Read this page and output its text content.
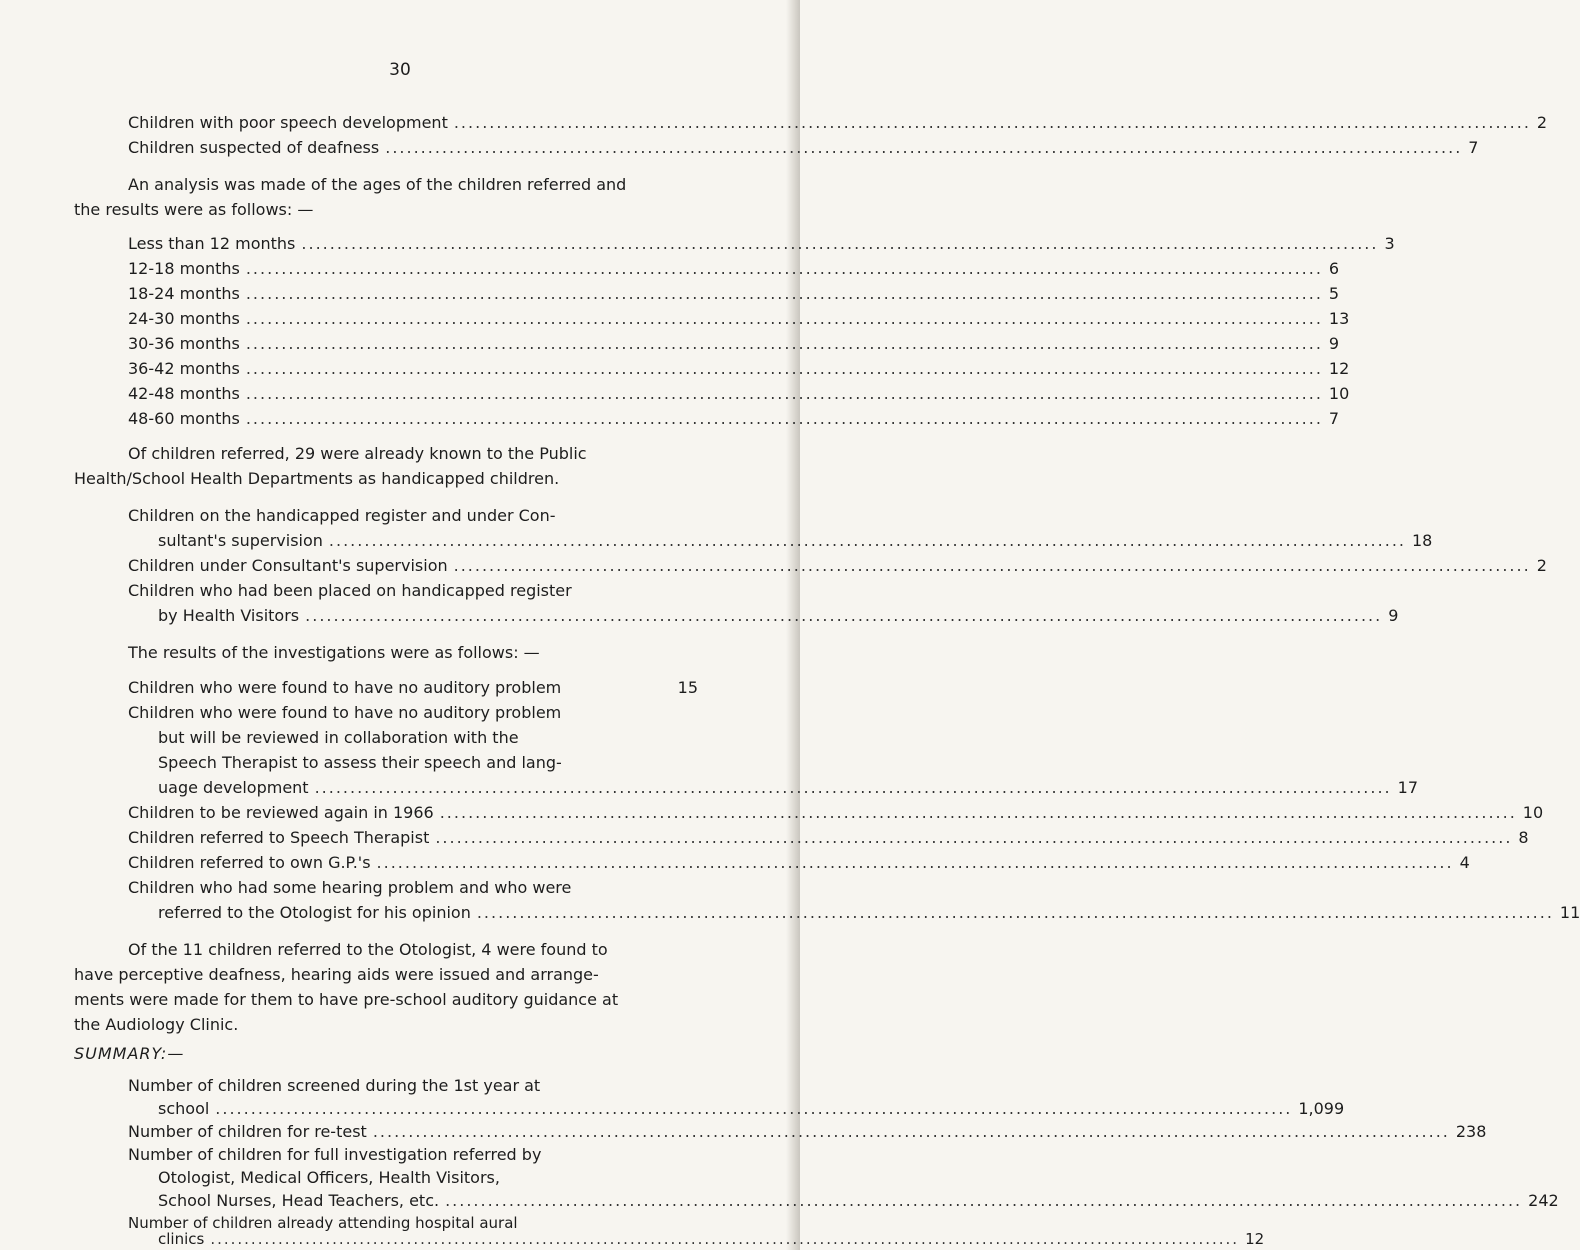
30
Children with poor speech development ........................................................................................................................................................ 2
Children suspected of deafness ........................................................................................................................................................ 7
An analysis was made of the ages of the children referred and
the results were as follows: —
Less than 12 months ........................................................................................................................................................ 3
12-18 months ........................................................................................................................................................ 6
18-24 months ........................................................................................................................................................ 5
24-30 months ........................................................................................................................................................ 13
30-36 months ........................................................................................................................................................ 9
36-42 months ........................................................................................................................................................ 12
42-48 months ........................................................................................................................................................ 10
48-60 months ........................................................................................................................................................ 7
Of children referred, 29 were already known to the Public
Health/School Health Departments as handicapped children.
Children on the handicapped register and under Con-
sultant's supervision ........................................................................................................................................................ 18
Children under Consultant's supervision ........................................................................................................................................................ 2
Children who had been placed on handicapped register
by Health Visitors ........................................................................................................................................................ 9
The results of the investigations were as follows: —
Children who were found to have no auditory problem	15
Children who were found to have no auditory problem
but will be reviewed in collaboration with the
Speech Therapist to assess their speech and lang-
uage development ........................................................................................................................................................ 17
Children to be reviewed again in 1966 ........................................................................................................................................................ 10
Children referred to Speech Therapist ........................................................................................................................................................ 8
Children referred to own G.P.'s ........................................................................................................................................................ 4
Children who had some hearing problem and who were
referred to the Otologist for his opinion ........................................................................................................................................................ 11
Of the 11 children referred to the Otologist, 4 were found to
have perceptive deafness, hearing aids were issued and arrange-
ments were made for them to have pre-school auditory guidance at
the Audiology Clinic.
SUMMARY:—
Number of children screened during the 1st year at
school ........................................................................................................................................................ 1,099
Number of children for re-test ........................................................................................................................................................ 238
Number of children for full investigation referred by
Otologist, Medical Officers, Health Visitors,
School Nurses, Head Teachers, etc. ........................................................................................................................................................ 242
Number of children already attending hospital aural
clinics ........................................................................................................................................................ 12
